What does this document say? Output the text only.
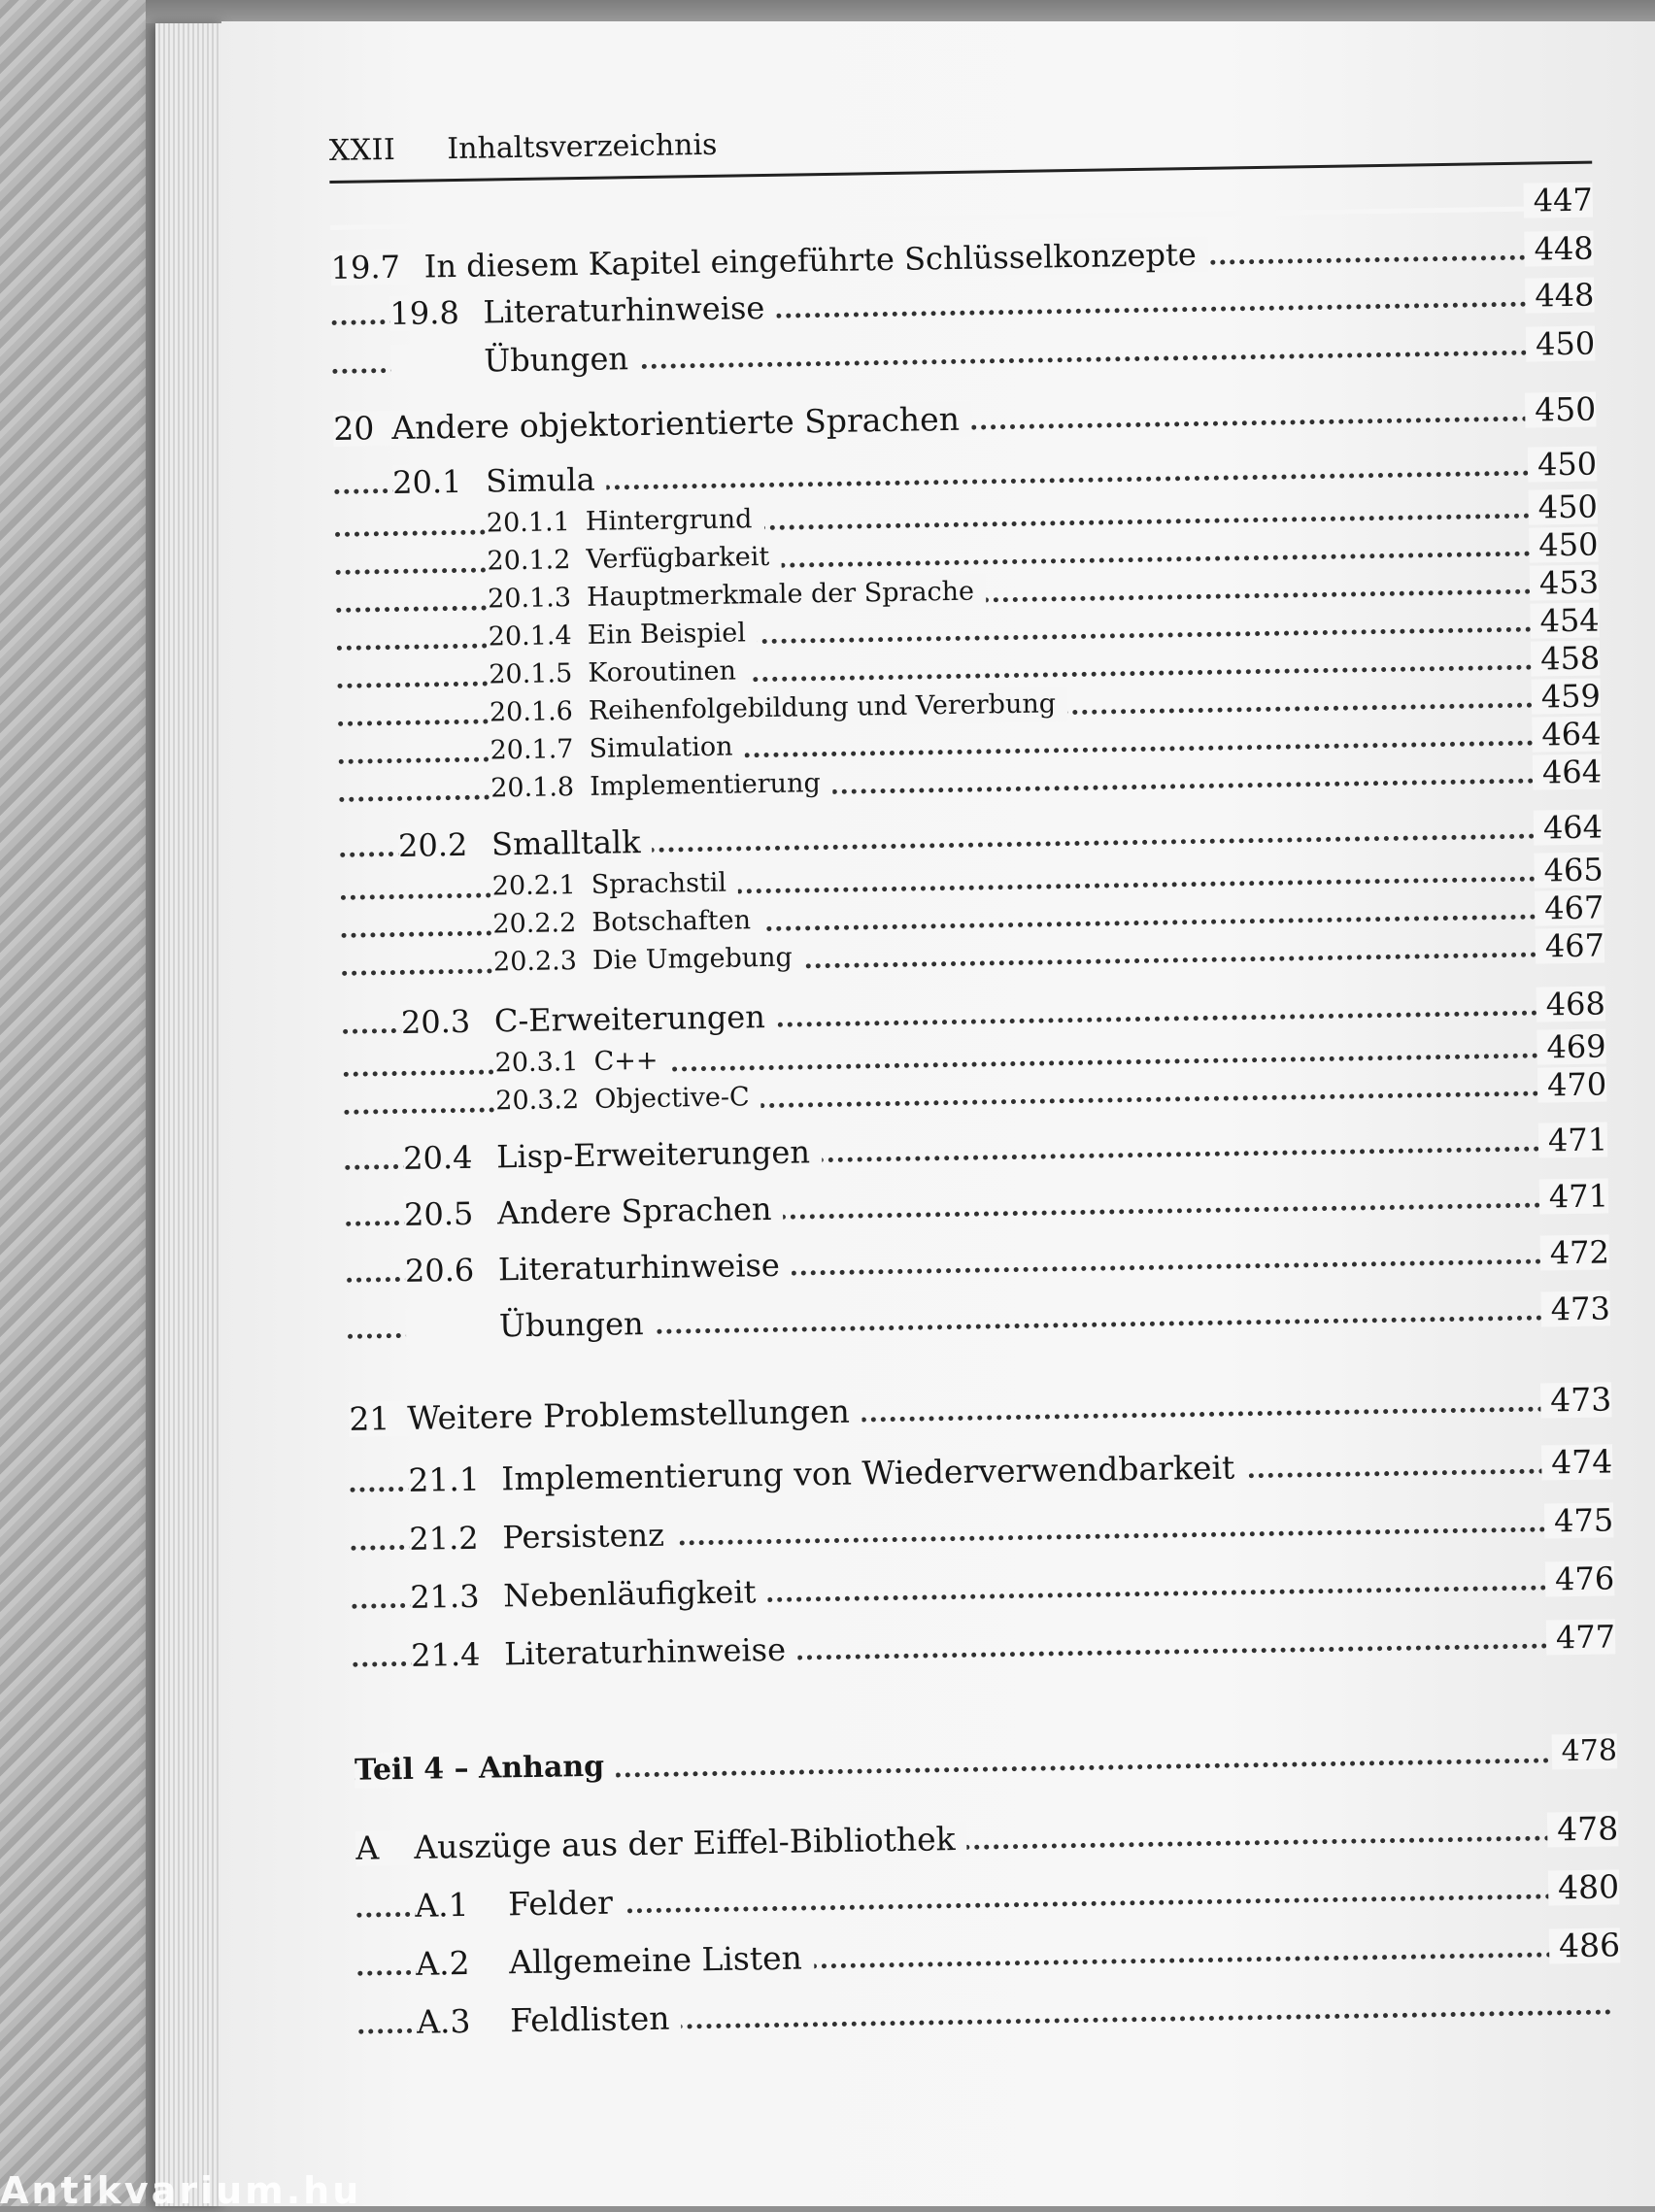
XXII Inhaltsverzeichnis
447
19.7 In diesem Kapitel eingeführte Schlüsselkonzepte	448
19.8 Literaturhinweise	448
Übungen	450
20 Andere objektorientierte Sprachen	450
20.1 Simula	450
20.1.1 Hintergrund	450
20.1.2 Verfügbarkeit	450
20.1.3 Hauptmerkmale der Sprache	453
20.1.4 Ein Beispiel	454
20.1.5 Koroutinen	458
20.1.6 Reihenfolgebildung und Vererbung	459
20.1.7 Simulation	464
20.1.8 Implementierung	464
20.2 Smalltalk	464
20.2.1 Sprachstil	465
20.2.2 Botschaften	467
20.2.3 Die Umgebung	467
20.3 C-Erweiterungen	468
20.3.1 C++	469
20.3.2 Objective-C	470
20.4 Lisp-Erweiterungen	471
20.5 Andere Sprachen	471
20.6 Literaturhinweise	472
Übungen	473
21 Weitere Problemstellungen	473
21.1 Implementierung von Wiederverwendbarkeit	474
21.2 Persistenz	475
21.3 Nebenläufigkeit	476
21.4 Literaturhinweise	477
Teil 4 – Anhang	478
A Auszüge aus der Eiffel-Bibliothek	478
A.1 Felder	480
A.2 Allgemeine Listen	486
A.3 Feldlisten
Antikvarium.hu
